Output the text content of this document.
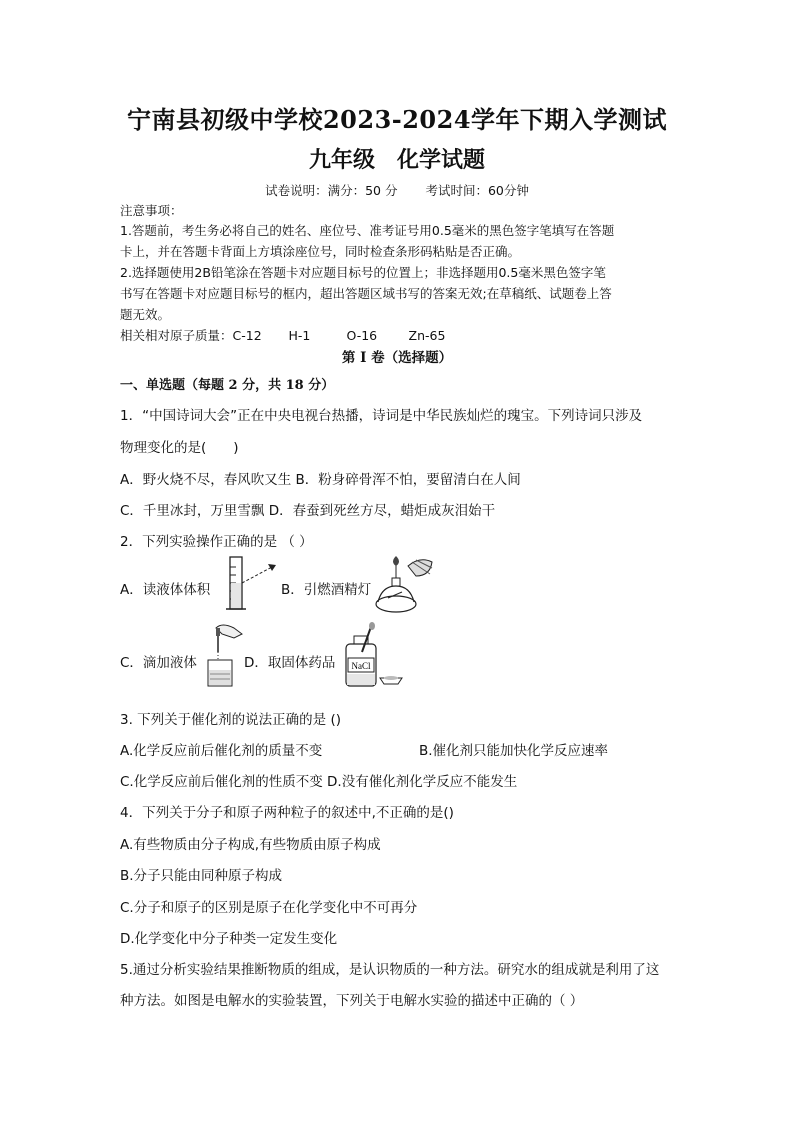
宁南县初级中学校2023-2024学年下期入学测试
九年级 化学试题
试卷说明：满分：50 分 考试时间：60分钟
注意事项：
1.答题前，考生务必将自己的姓名、座位号、准考证号用0.5毫米的黑色签字笔填写在答题
卡上，并在答题卡背面上方填涂座位号，同时检查条形码粘贴是否正确。
2.选择题使用2B铅笔涂在答题卡对应题目标号的位置上；非选择题用0.5毫米黑色签字笔
书写在答题卡对应题目标号的框内，超出答题区域书写的答案无效;在草稿纸、试题卷上答
题无效。
相关相对原子质量：C-12 H-1	O-16	Zn-65
第 I 卷（选择题）
一、单选题（每题 2 分，共 18 分）
1．“中国诗词大会”正在中央电视台热播，诗词是中华民族灿烂的瑰宝。下列诗词只涉及
物理变化的是(　　)
A．野火烧不尽，春风吹又生 B．粉身碎骨浑不怕，要留清白在人间
C．千里冰封，万里雪飘 D．春蚕到死丝方尽，蜡炬成灰泪始干
2．下列实验操作正确的是 （ ）
A．读液体体积	B．引燃酒精灯
C．滴加液体	D．取固体药品 NaCl
3. 下列关于催化剂的说法正确的是 ()
A.化学反应前后催化剂的质量不变	B.催化剂只能加快化学反应速率
C.化学反应前后催化剂的性质不变 D.没有催化剂化学反应不能发生
4．下列关于分子和原子两种粒子的叙述中,不正确的是()
A.有些物质由分子构成,有些物质由原子构成
B.分子只能由同种原子构成
C.分子和原子的区别是原子在化学变化中不可再分
D.化学变化中分子种类一定发生变化
5.通过分析实验结果推断物质的组成，是认识物质的一种方法。研究水的组成就是利用了这
种方法。如图是电解水的实验装置，下列关于电解水实验的描述中正确的（ ）
